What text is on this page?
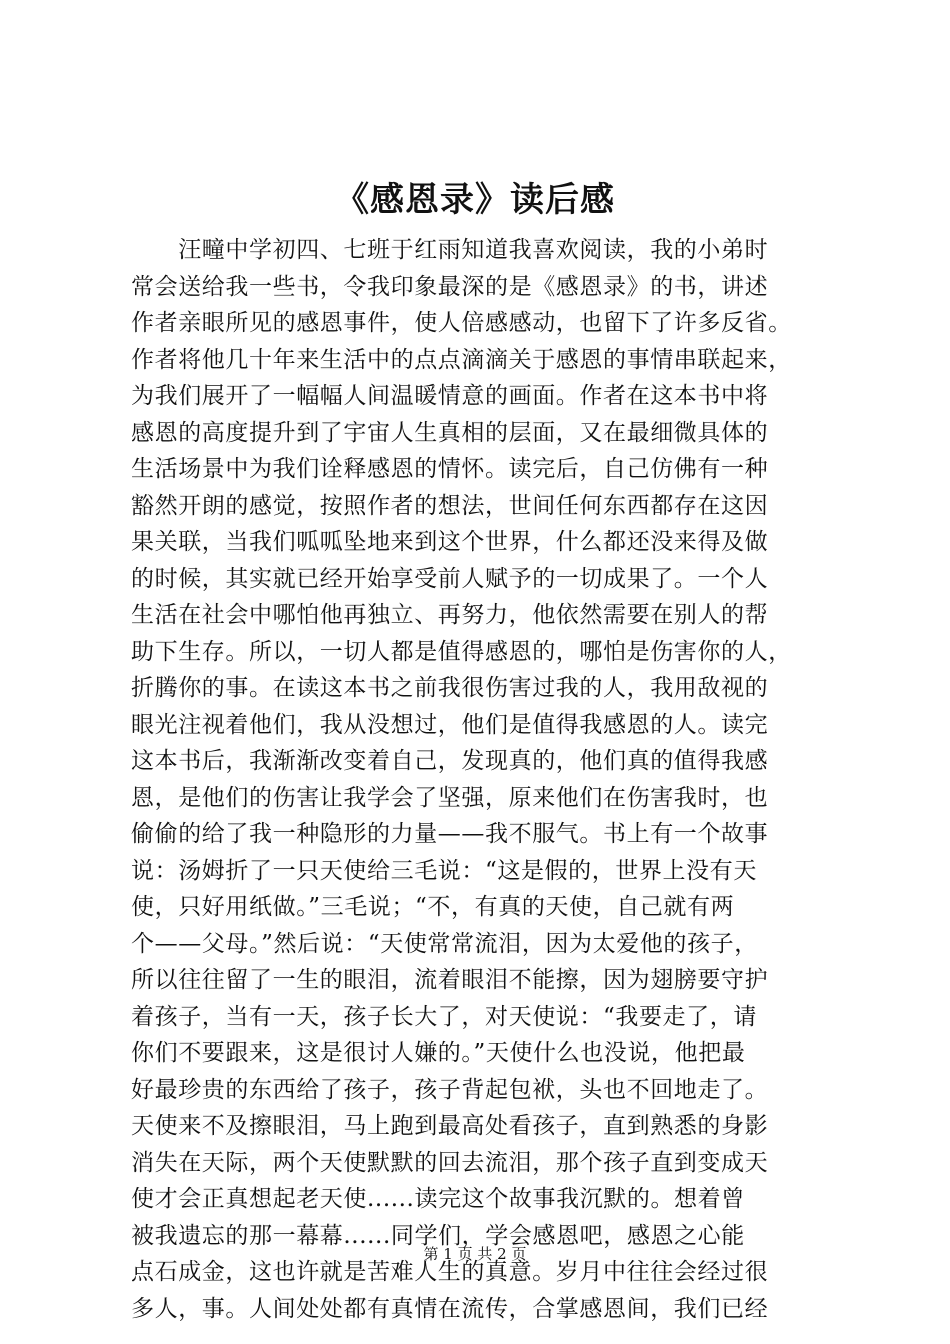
《感恩录》读后感
　　汪疃中学初四、七班于红雨知道我喜欢阅读，我的小弟时
常会送给我一些书，令我印象最深的是《感恩录》的书，讲述
作者亲眼所见的感恩事件，使人倍感感动，也留下了许多反省。
作者将他几十年来生活中的点点滴滴关于感恩的事情串联起来，
为我们展开了一幅幅人间温暖情意的画面。作者在这本书中将
感恩的高度提升到了宇宙人生真相的层面，又在最细微具体的
生活场景中为我们诠释感恩的情怀。读完后，自己仿佛有一种
豁然开朗的感觉，按照作者的想法，世间任何东西都存在这因
果关联，当我们呱呱坠地来到这个世界，什么都还没来得及做
的时候，其实就已经开始享受前人赋予的一切成果了。一个人
生活在社会中哪怕他再独立、再努力，他依然需要在别人的帮
助下生存。所以，一切人都是值得感恩的，哪怕是伤害你的人，
折腾你的事。在读这本书之前我很伤害过我的人，我用敌视的
眼光注视着他们，我从没想过，他们是值得我感恩的人。读完
这本书后，我渐渐改变着自己，发现真的，他们真的值得我感
恩，是他们的伤害让我学会了坚强，原来他们在伤害我时，也
偷偷的给了我一种隐形的力量——我不服气。书上有一个故事
说：汤姆折了一只天使给三毛说：“这是假的，世界上没有天
使，只好用纸做。”三毛说；“不，有真的天使，自己就有两
个——父母。”然后说：“天使常常流泪，因为太爱他的孩子，
所以往往留了一生的眼泪，流着眼泪不能擦，因为翅膀要守护
着孩子，当有一天，孩子长大了，对天使说：“我要走了，请
你们不要跟来，这是很讨人嫌的。”天使什么也没说，他把最
好最珍贵的东西给了孩子，孩子背起包袱，头也不回地走了。
天使来不及擦眼泪，马上跑到最高处看孩子，直到熟悉的身影
消失在天际，两个天使默默的回去流泪，那个孩子直到变成天
使才会正真想起老天使......读完这个故事我沉默的。想着曾
被我遗忘的那一幕幕......同学们，学会感恩吧，感恩之心能
点石成金，这也许就是苦难人生的真意。岁月中往往会经过很
多人，事。人间处处都有真情在流传，合掌感恩间，我们已经
第 1 页 共 2 页
